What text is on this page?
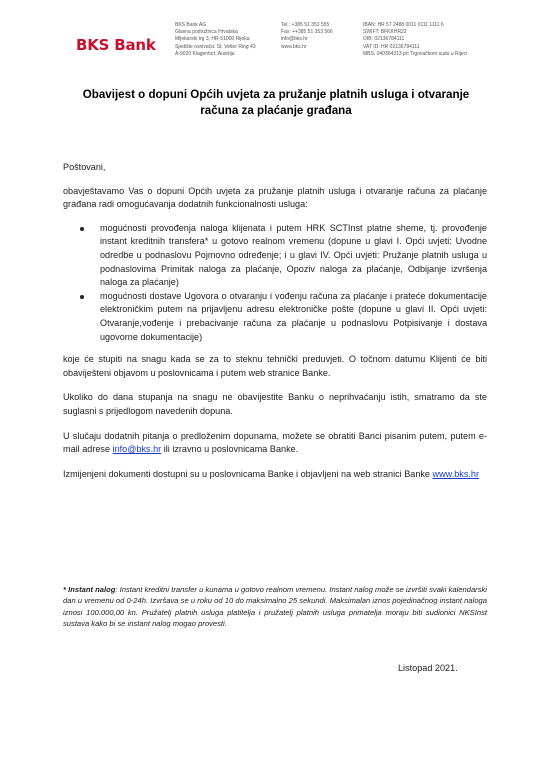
BKS Bank
BKS Bank AG
Glavna podružnica Hrvatska
Mljekarski trg 3, HR-51000 Rijeka
Sjedište osnivača: St. Veiter Ring 43
A-9020 Klagenfurt, Austrija
Tel.: +385 51 353 555
Fax: ++385 51 353 566
info@bks.hr
www.bks.hr
IBAN: HR 57 2488 0011 0111 1111 6
SWIFT: BFKKHR22
OIB: 02136784111
VAT ID: HR 02136784111
MBS: 040364313 pri Trgovačkom sudu u Rijeci
Obavijest o dopuni Općih uvjeta za pružanje platnih usluga i otvaranje računa za plaćanje građana

Poštovani,

obavještavamo Vas o dopuni Općih uvjeta za pružanje platnih usluga i otvaranje računa za plaćanje građana radi omogućavanja dodatnih funkcionalnosti usluga:

mogućnosti provođenja naloga klijenata i putem HRK SCTInst platne sheme, tj. provođenje instant kreditnih transfera* u gotovo realnom vremenu (dopune u glavi I. Opći uvjeti: Uvodne odredbe u podnaslovu Pojmovno određenje; i u glavi IV. Opći uvjeti: Pružanje platnih usluga u podnaslovima Primitak naloga za plaćanje, Opoziv naloga za plaćanje, Odbijanje izvršenja naloga za plaćanje)
mogućnosti dostave Ugovora o otvaranju i vođenju računa za plaćanje i prateće dokumentacije elektroničkim putem na prijavljenu adresu elektroničke pošte (dopune u glavi II. Opći uvjeti: Otvaranje,vođenje i prebacivanje računa za plaćanje u podnaslovu Potpisivanje i dostava ugovorne dokumentacije)

koje će stupiti na snagu kada se za to steknu tehnički preduvjeti. O točnom datumu Klijenti će biti obaviješteni objavom u poslovnicama i putem web stranice Banke.

Ukoliko do dana stupanja na snagu ne obavijestite Banku o neprihvaćanju istih, smatramo da ste suglasni s prijedlogom navedenih dopuna.

U slučaju dodatnih pitanja o predloženim dopunama, možete se obratiti Banci pisanim putem, putem e-mail adrese info@bks.hr ili izravno u poslovnicama Banke.

Izmijenjeni dokumenti dostupni su u poslovnicama Banke i objavljeni na web stranici Banke www.bks.hr

* Instant nalog: Instant kreditni transfer u kunama u gotovo realnom vremenu. Instant nalog može se izvršiti svaki kalendarski dan u vremenu od 0-24h. Izvršava se u roku od 10 do maksimalno 25 sekundi. Maksimalan iznos pojedinačnog instant naloga iznosi 100.000,00 kn. Pružatelj platnih usluga platitelja i pružatelj platnih usluga primatelja moraju biti sudionici NKSInst sustava kako bi se instant nalog mogao provesti.

Listopad 2021.
